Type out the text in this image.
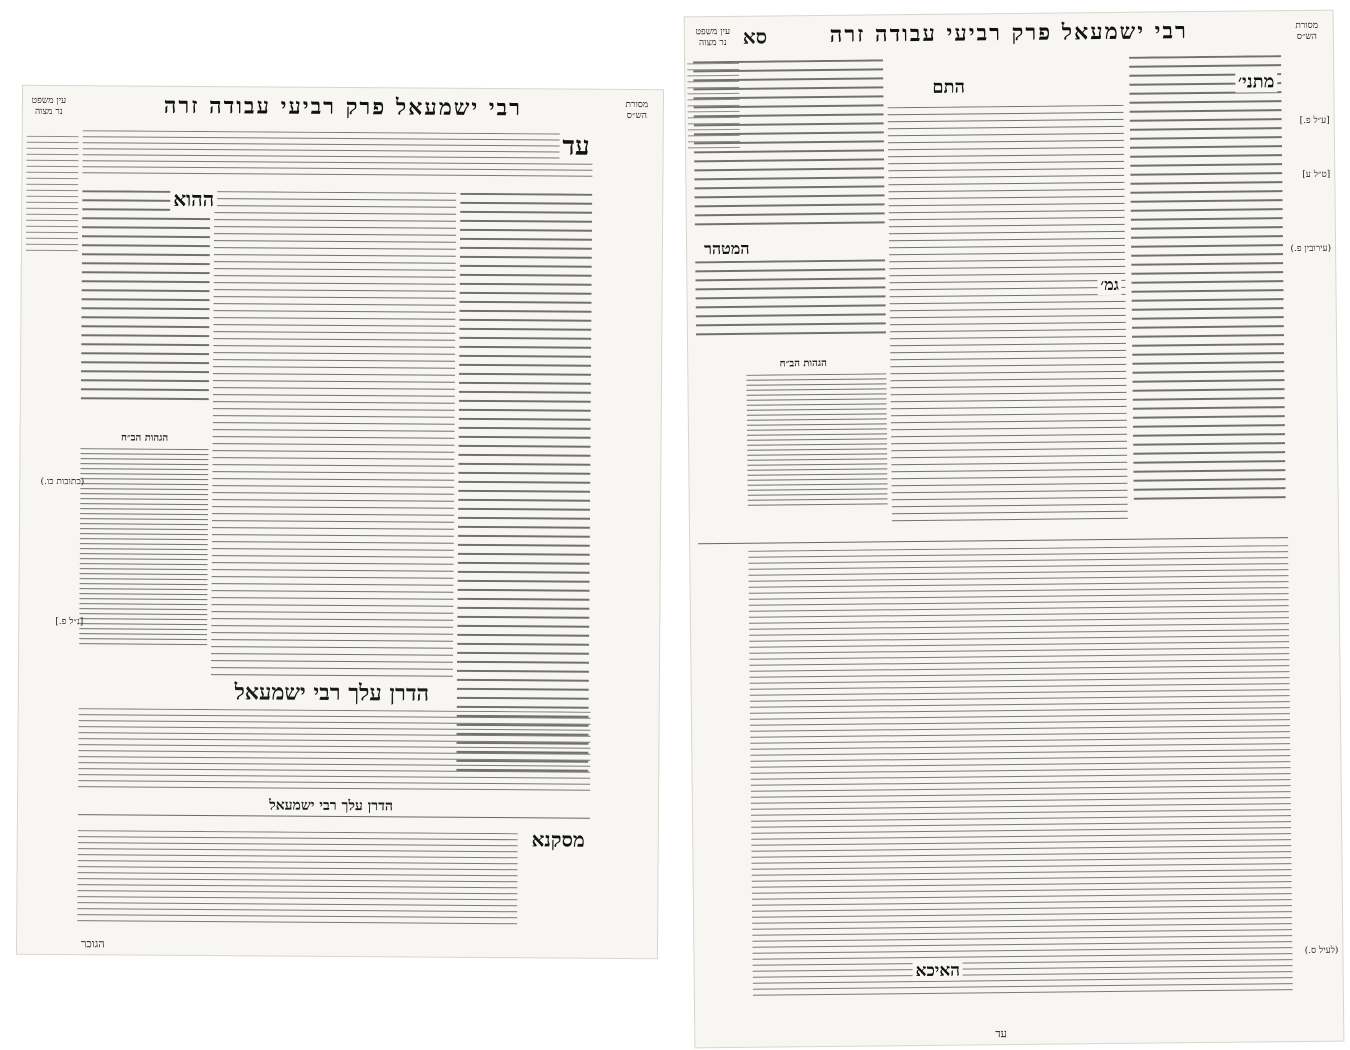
רבי ישמעאל פרק רביעי עבודה זרה	מסורת הש״ס
עין משפט נר מצוה
עד
ההוא
הגהות הב״ח
הדרן עלך רבי ישמעאל
הדרן עלך רבי ישמעאל
מסקנא
(כתובות כו.)
[נ״ל פ.]
הגוכר
רבי ישמעאל פרק רביעי עבודה זרה
סא	מסורת הש״ס
עין משפט נר מצוה
מתני׳
התם
המטהר
גמ׳
הגהות הב״ח
האיכא
[ע״ל פ.]
[ט״ל ע]
(עירובין פ.)
(לעיל ס.)
עד
